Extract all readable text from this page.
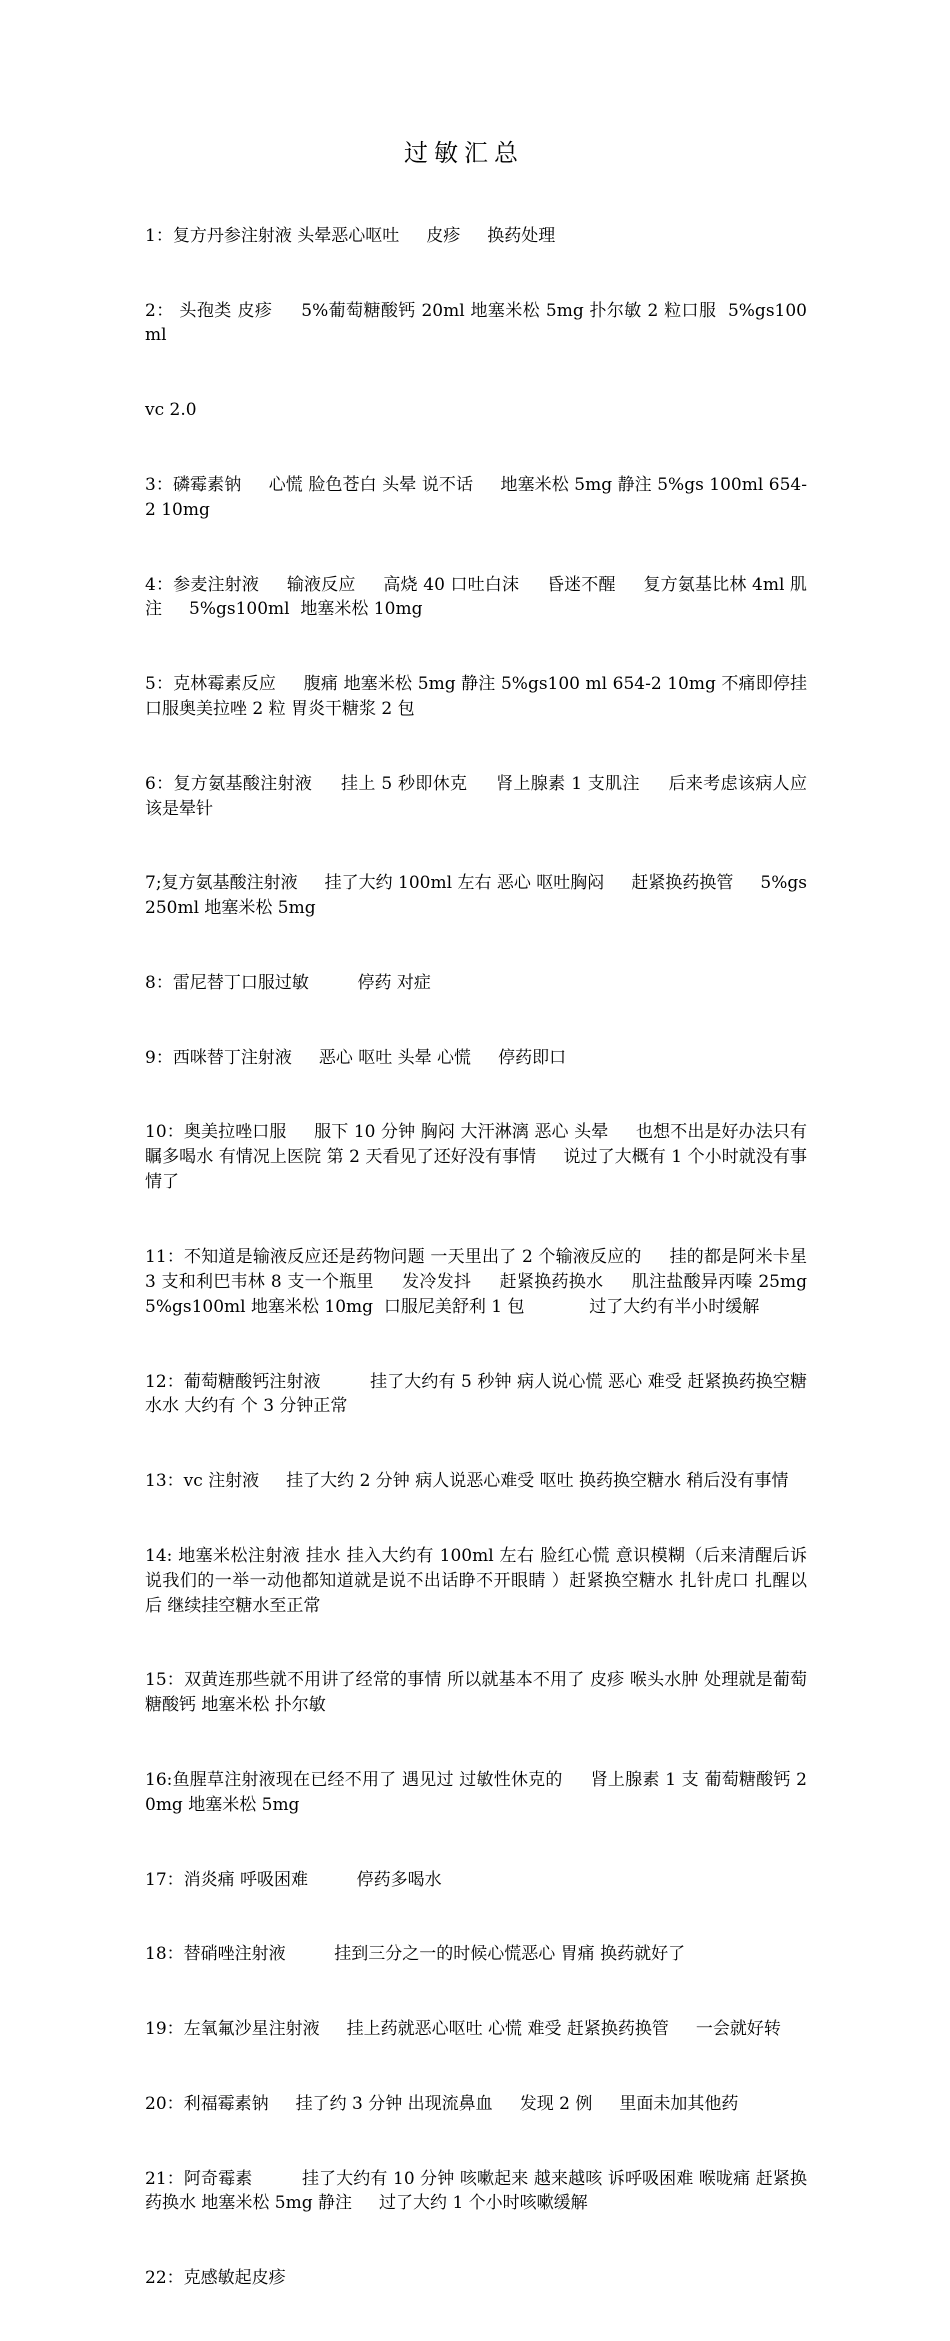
过敏汇总

1：复方丹参注射液 头晕恶心呕吐     皮疹     换药处理

2： 头孢类 皮疹     5%葡萄糖酸钙 20ml 地塞米松 5mg 扑尔敏 2 粒口服  5%gs100ml

vc 2.0

3：磷霉素钠     心慌 脸色苍白 头晕 说不话     地塞米松 5mg 静注 5%gs 100ml 654-2 10mg

4：参麦注射液     输液反应     高烧 40 口吐白沫     昏迷不醒     复方氨基比林 4ml 肌注     5%gs100ml  地塞米松 10mg

5：克林霉素反应     腹痛 地塞米松 5mg 静注 5%gs100 ml 654-2 10mg 不痛即停挂     口服奥美拉唑 2 粒 胃炎干糖浆 2 包

6：复方氨基酸注射液     挂上 5 秒即休克     肾上腺素 1 支肌注     后来考虑该病人应该是晕针

7;复方氨基酸注射液     挂了大约 100ml 左右 恶心 呕吐胸闷     赶紧换药换管     5%gs250ml 地塞米松 5mg

8：雷尼替丁口服过敏         停药 对症

9：西咪替丁注射液     恶心 呕吐 头晕 心慌     停药即口

10：奥美拉唑口服     服下 10 分钟 胸闷 大汗淋漓 恶心 头晕     也想不出是好办法只有瞩多喝水 有情况上医院 第 2 天看见了还好没有事情     说过了大概有 1 个小时就没有事情了

11：不知道是输液反应还是药物问题 一天里出了 2 个输液反应的     挂的都是阿米卡星 3 支和利巴韦林 8 支一个瓶里     发冷发抖     赶紧换药换水     肌注盐酸异丙嗪 25mg 5%gs100ml 地塞米松 10mg  口服尼美舒利 1 包            过了大约有半小时缓解

12：葡萄糖酸钙注射液         挂了大约有 5 秒钟 病人说心慌 恶心 难受 赶紧换药换空糖水水 大约有 个 3 分钟正常

13：vc 注射液     挂了大约 2 分钟 病人说恶心难受 呕吐 换药换空糖水 稍后没有事情

14: 地塞米松注射液 挂水 挂入大约有 100ml 左右 脸红心慌 意识模糊（后来清醒后诉说我们的一举一动他都知道就是说不出话睁不开眼睛 ）赶紧换空糖水 扎针虎口 扎醒以后 继续挂空糖水至正常

15：双黄连那些就不用讲了经常的事情 所以就基本不用了 皮疹 喉头水肿 处理就是葡萄糖酸钙 地塞米松 扑尔敏

16:鱼腥草注射液现在已经不用了 遇见过 过敏性休克的     肾上腺素 1 支 葡萄糖酸钙 20mg 地塞米松 5mg

17：消炎痛 呼吸困难         停药多喝水

18：替硝唑注射液         挂到三分之一的时候心慌恶心 胃痛 换药就好了

19：左氧氟沙星注射液     挂上药就恶心呕吐 心慌 难受 赶紧换药换管     一会就好转

20：利福霉素钠     挂了约 3 分钟 出现流鼻血     发现 2 例     里面未加其他药

21：阿奇霉素         挂了大约有 10 分钟 咳嗽起来 越来越咳 诉呼吸困难 喉咙痛 赶紧换药换水 地塞米松 5mg 静注     过了大约 1 个小时咳嗽缓解

22：克感敏起皮疹
